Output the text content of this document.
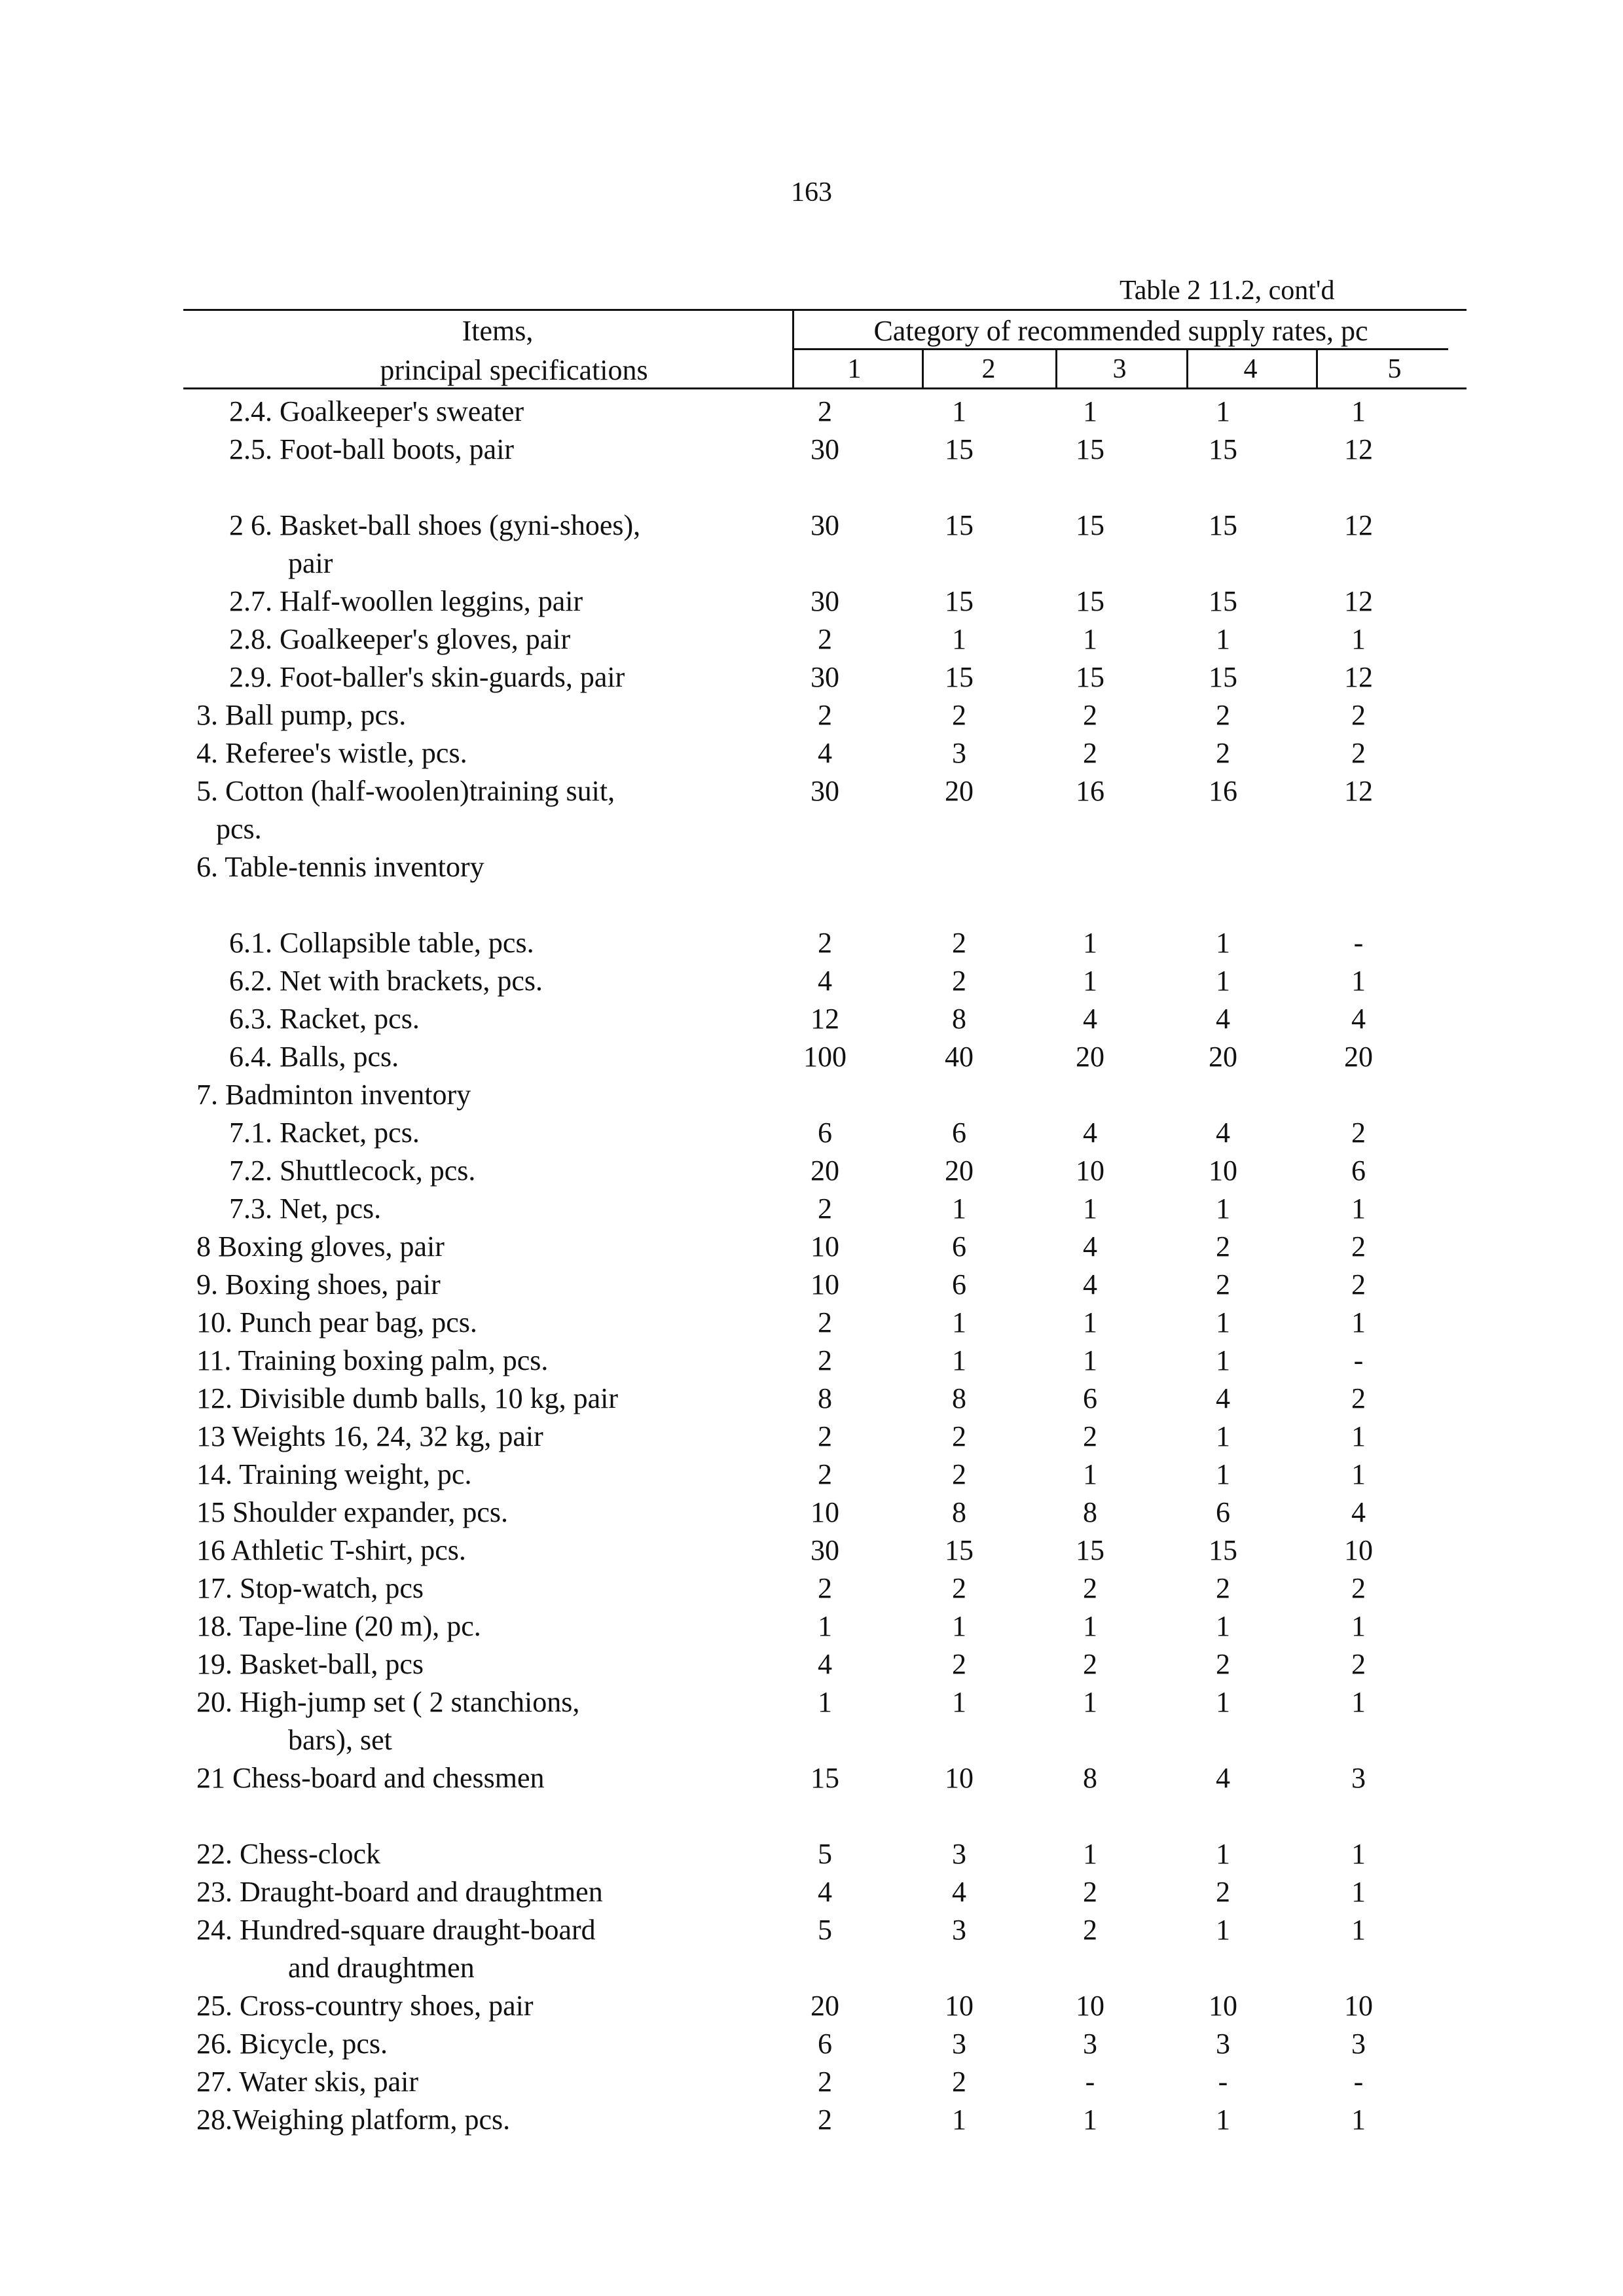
163
Table 2 11.2, cont'd
Items,
principal specifications
Category of recommended supply rates, pc
1	2	3	4	5
2.4. Goalkeeper's sweater	2	1	1	1	1
2.5. Foot-ball boots, pair	30	15	15	15	12
2 6. Basket-ball shoes (gyni-shoes),	30	15	15	15	12
pair
2.7. Half-woollen leggins, pair	30	15	15	15	12
2.8. Goalkeeper's gloves, pair	2	1	1	1	1
2.9. Foot-baller's skin-guards, pair	30	15	15	15	12
3. Ball pump, pcs.	2	2	2	2	2
4. Referee's wistle, pcs.	4	3	2	2	2
5. Cotton (half-woolen)training suit,	30	20	16	16	12
pcs.
6. Table-tennis inventory
6.1. Collapsible table, pcs.	2	2	1	1	-
6.2. Net with brackets, pcs.	4	2	1	1	1
6.3. Racket, pcs.	12	8	4	4	4
6.4. Balls, pcs.	100	40	20	20	20
7. Badminton inventory
7.1. Racket, pcs.	6	6	4	4	2
7.2. Shuttlecock, pcs.	20	20	10	10	6
7.3. Net, pcs.	2	1	1	1	1
8 Boxing gloves, pair	10	6	4	2	2
9. Boxing shoes, pair	10	6	4	2	2
10. Punch pear bag, pcs.	2	1	1	1	1
11. Training boxing palm, pcs.	2	1	1	1	-
12. Divisible dumb balls, 10 kg, pair	8	8	6	4	2
13 Weights 16, 24, 32 kg, pair	2	2	2	1	1
14. Training weight, pc.	2	2	1	1	1
15 Shoulder expander, pcs.	10	8	8	6	4
16 Athletic T-shirt, pcs.	30	15	15	15	10
17. Stop-watch, pcs	2	2	2	2	2
18. Tape-line (20 m), pc.	1	1	1	1	1
19. Basket-ball, pcs	4	2	2	2	2
20. High-jump set ( 2 stanchions,	1	1	1	1	1
bars), set
21 Chess-board and chessmen	15	10	8	4	3
22. Chess-clock	5	3	1	1	1
23. Draught-board and draughtmen	4	4	2	2	1
24. Hundred-square draught-board	5	3	2	1	1
and draughtmen
25. Cross-country shoes, pair	20	10	10	10	10
26. Bicycle, pcs.	6	3	3	3	3
27. Water skis, pair	2	2	-	-	-
28.Weighing platform, pcs.	2	1	1	1	1
